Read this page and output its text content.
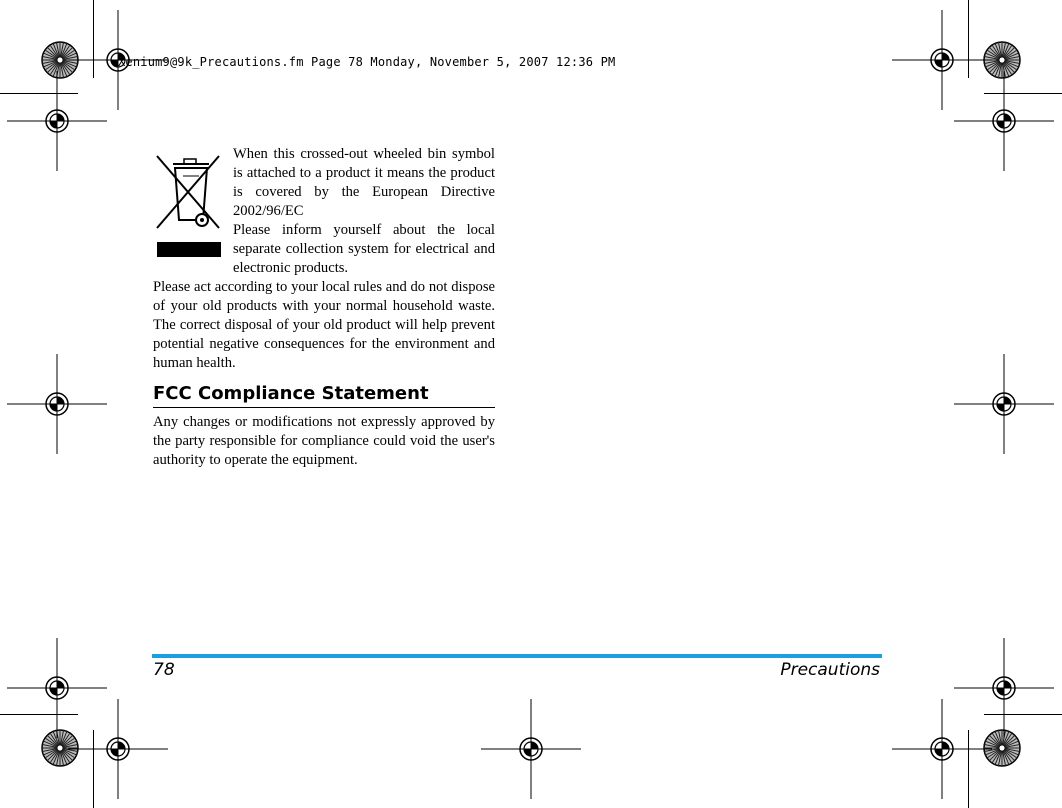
Xenium9@9k_Precautions.fm Page 78 Monday, November 5, 2007 12:36 PM

When this crossed-out wheeled bin symbol is attached to a product it means the product is covered by the European Directive 2002/96/EC

Please inform yourself about the local separate collection system for electrical and electronic products.

Please act according to your local rules and do not dispose of your old products with your normal household waste. The correct disposal of your old product will help prevent potential negative consequences for the environment and human health.
FCC Compliance Statement
Any changes or modifications not expressly approved by the party responsible for compliance could void the user's authority to operate the equipment.
78	Precautions
